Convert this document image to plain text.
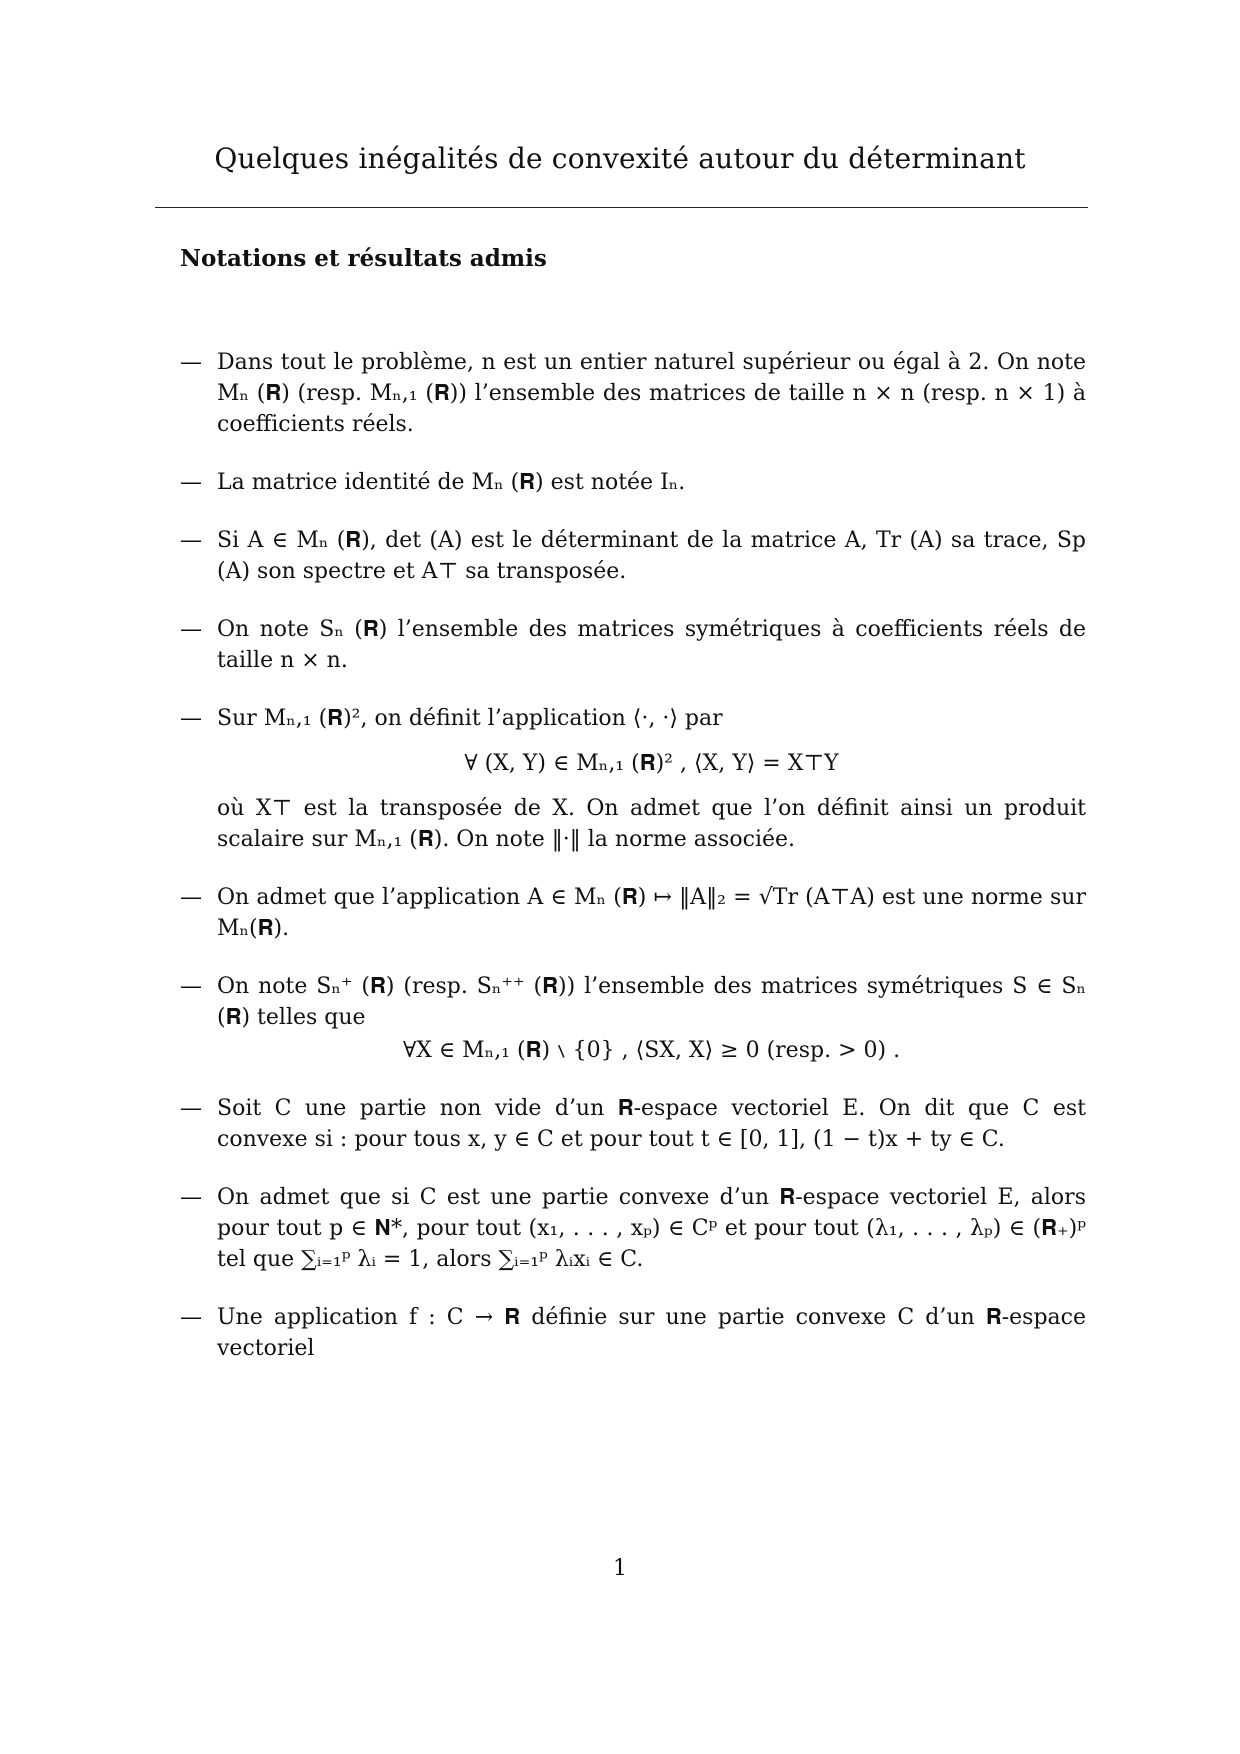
Quelques inégalités de convexité autour du déterminant
Notations et résultats admis
— Dans tout le problème, n est un entier naturel supérieur ou égal à 2. On note Mₙ (𝐑) (resp. Mₙ,₁ (𝐑)) l’ensemble des matrices de taille n × n (resp. n × 1) à coefficients réels.
— La matrice identité de Mₙ (𝐑) est notée Iₙ.
— Si A ∈ Mₙ (𝐑), det (A) est le déterminant de la matrice A, Tr (A) sa trace, Sp (A) son spectre et A⊤ sa transposée.
— On note Sₙ (𝐑) l’ensemble des matrices symétriques à coefficients réels de taille n × n.
— Sur Mₙ,₁ (𝐑)², on définit l’application ⟨·, ·⟩ par
∀ (X, Y) ∈ Mₙ,₁ (𝐑)² , ⟨X, Y⟩ = X⊤Y
où X⊤ est la transposée de X. On admet que l’on définit ainsi un produit scalaire sur Mₙ,₁ (𝐑). On note ‖·‖ la norme associée.
— On admet que l’application A ∈ Mₙ (𝐑) ↦ ‖A‖₂ = √Tr (A⊤A) est une norme sur Mₙ(𝐑).
— On note Sₙ⁺ (𝐑) (resp. Sₙ⁺⁺ (𝐑)) l’ensemble des matrices symétriques S ∈ Sₙ (𝐑) telles que
∀X ∈ Mₙ,₁ (𝐑) ∖ {0} , ⟨SX, X⟩ ≥ 0 (resp. > 0) .
— Soit C une partie non vide d’un 𝐑-espace vectoriel E. On dit que C est convexe si : pour tous x, y ∈ C et pour tout t ∈ [0, 1], (1 − t)x + ty ∈ C.
— On admet que si C est une partie convexe d’un 𝐑-espace vectoriel E, alors pour tout p ∈ 𝐍*, pour tout (x₁, . . . , xₚ) ∈ Cᵖ et pour tout (λ₁, . . . , λₚ) ∈ (𝐑₊)ᵖ tel que ∑ᵢ₌₁ᵖ λᵢ = 1, alors ∑ᵢ₌₁ᵖ λᵢxᵢ ∈ C.
— Une application f : C → 𝐑 définie sur une partie convexe C d’un 𝐑-espace vectoriel
1
